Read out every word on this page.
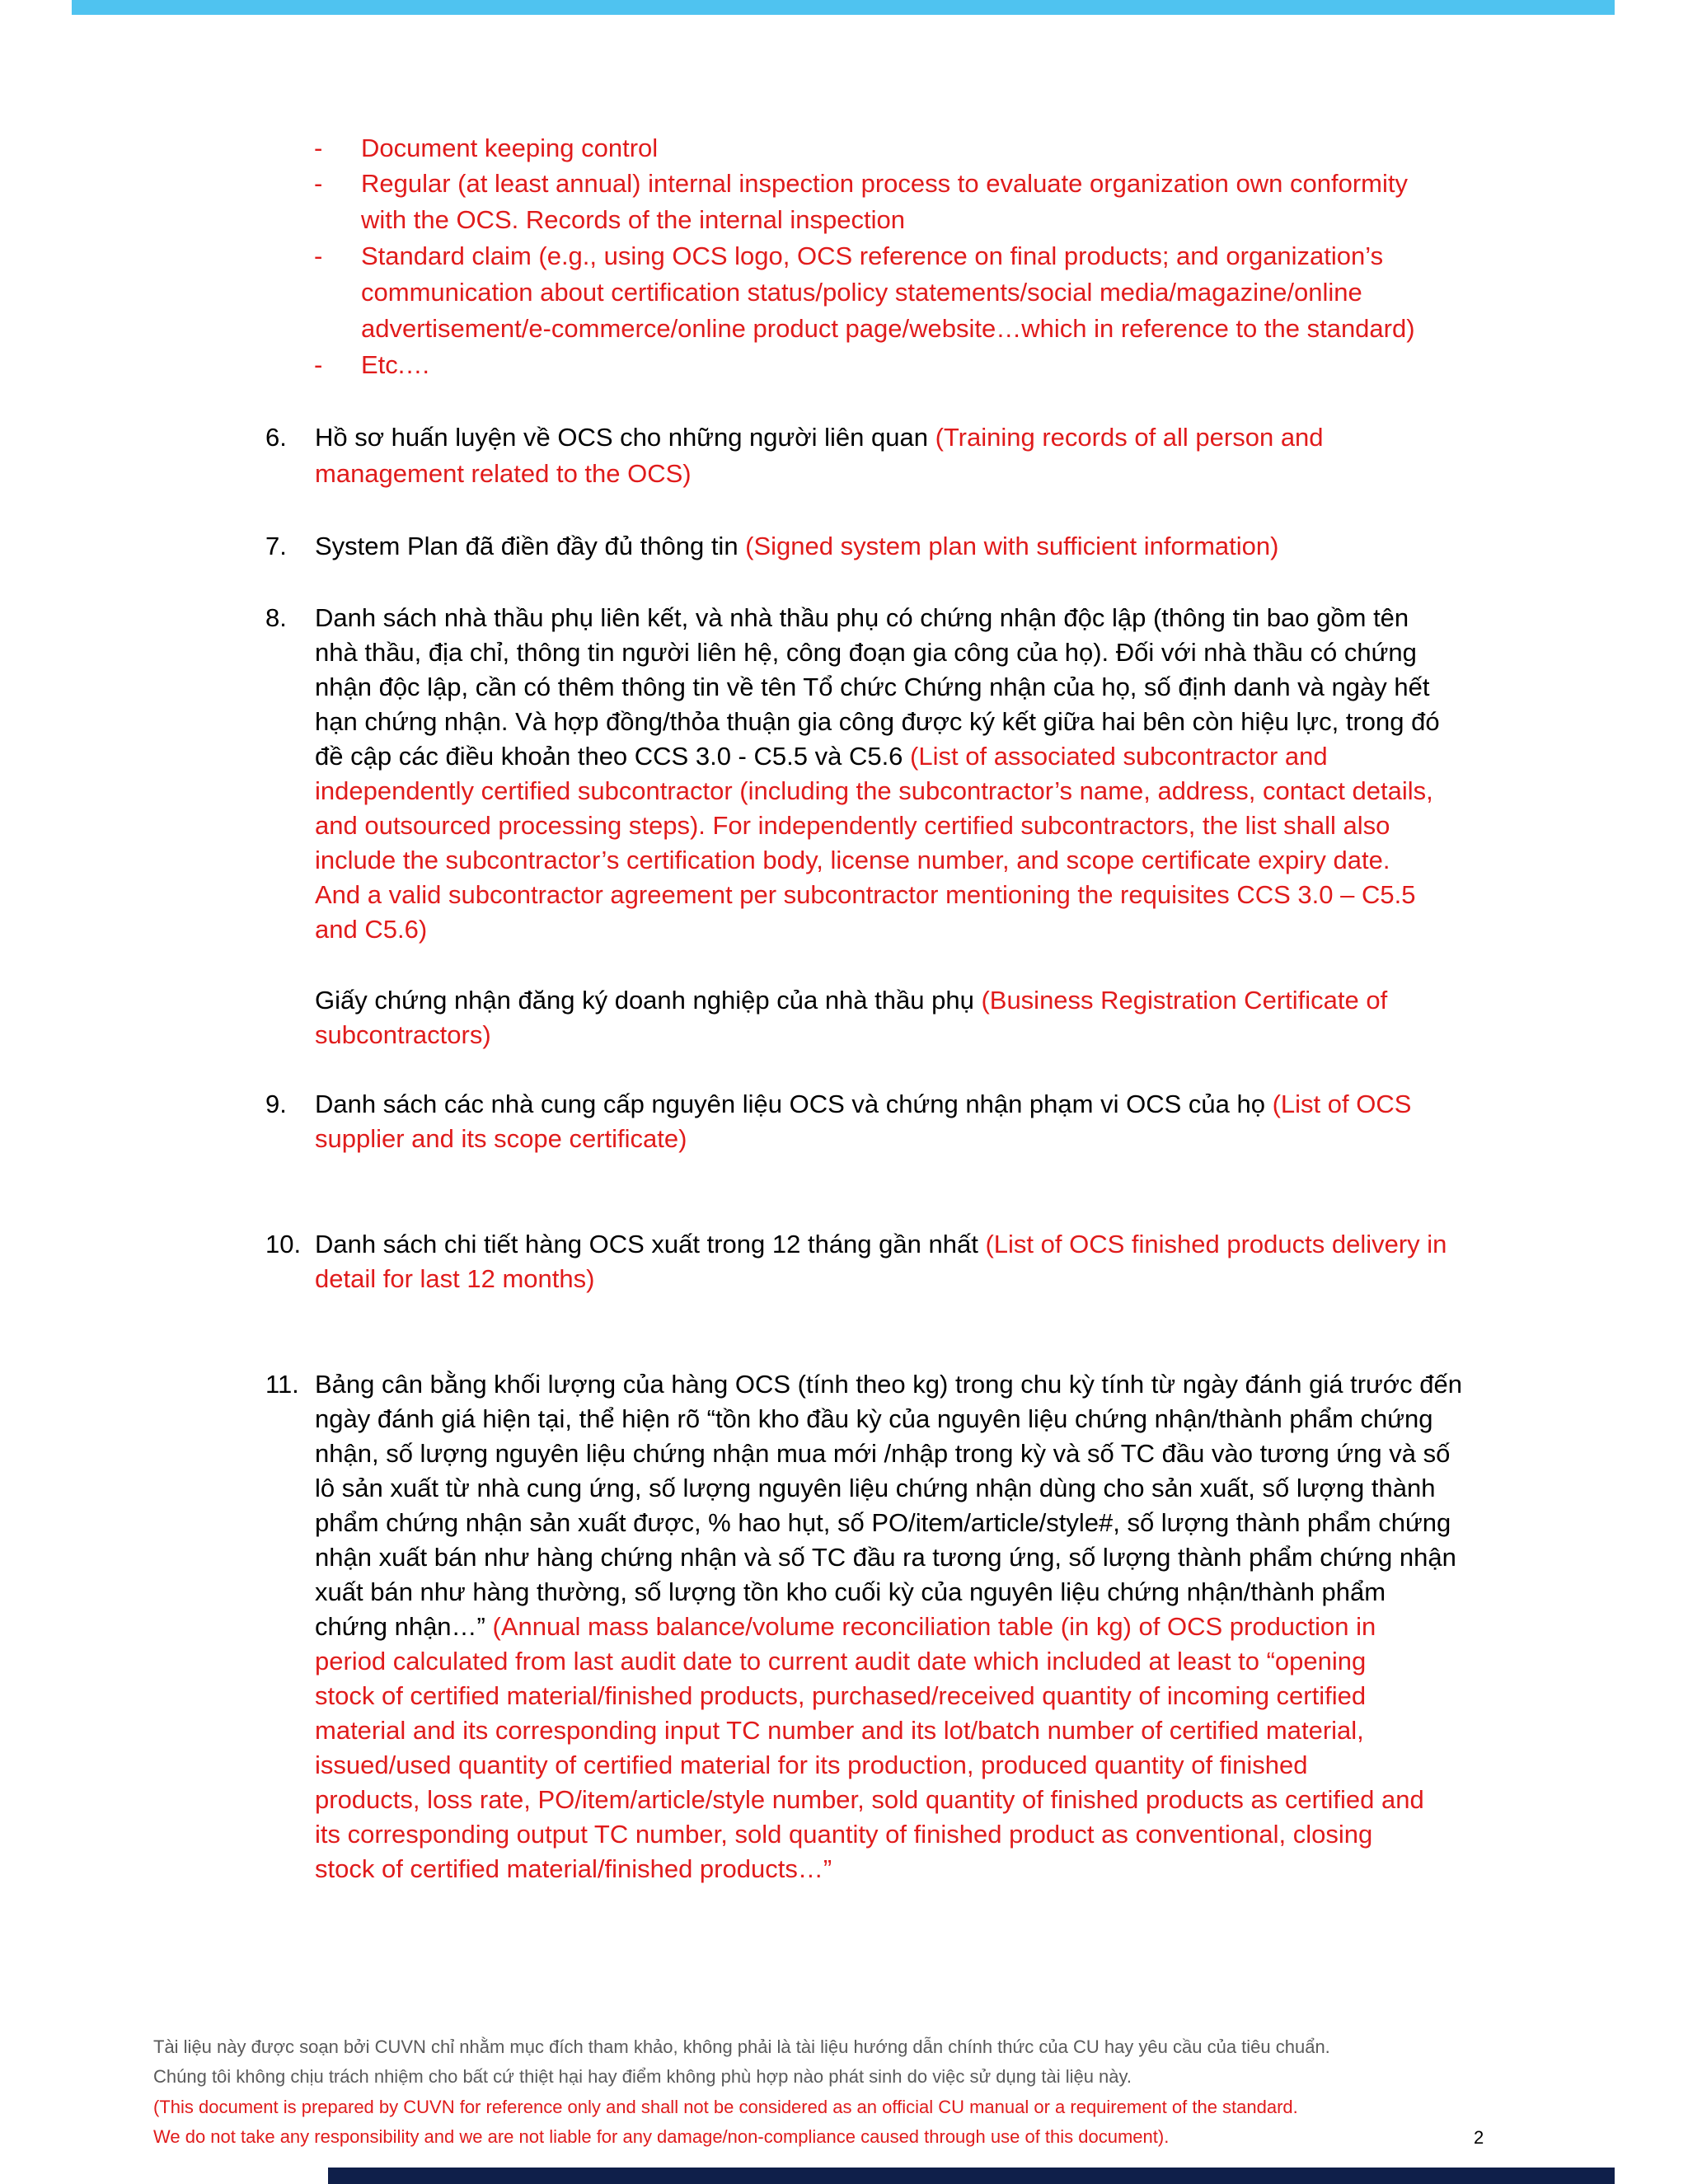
- Document keeping control
- Regular (at least annual) internal inspection process to evaluate organization own conformity
with the OCS. Records of the internal inspection
- Standard claim (e.g., using OCS logo, OCS reference on final products; and organization’s
communication about certification status/policy statements/social media/magazine/online
advertisement/e-commerce/online product page/website…which in reference to the standard)
- Etc.…
6. Hồ sơ huấn luyện về OCS cho những người liên quan (Training records of all person and
management related to the OCS)
7. System Plan đã điền đầy đủ thông tin (Signed system plan with sufficient information)
8. Danh sách nhà thầu phụ liên kết, và nhà thầu phụ có chứng nhận độc lập (thông tin bao gồm tên
nhà thầu, địa chỉ, thông tin người liên hệ, công đoạn gia công của họ). Đối với nhà thầu có chứng
nhận độc lập, cần có thêm thông tin về tên Tổ chức Chứng nhận của họ, số định danh và ngày hết
hạn chứng nhận. Và hợp đồng/thỏa thuận gia công được ký kết giữa hai bên còn hiệu lực, trong đó
đề cập các điều khoản theo CCS 3.0 - C5.5 và C5.6 (List of associated subcontractor and
independently certified subcontractor (including the subcontractor’s name, address, contact details,
and outsourced processing steps). For independently certified subcontractors, the list shall also
include the subcontractor’s certification body, license number, and scope certificate expiry date.
And a valid subcontractor agreement per subcontractor mentioning the requisites CCS 3.0 – C5.5
and C5.6)
Giấy chứng nhận đăng ký doanh nghiệp của nhà thầu phụ (Business Registration Certificate of
subcontractors)
9. Danh sách các nhà cung cấp nguyên liệu OCS và chứng nhận phạm vi OCS của họ (List of OCS
supplier and its scope certificate)
10. Danh sách chi tiết hàng OCS xuất trong 12 tháng gần nhất (List of OCS finished products delivery in
detail for last 12 months)
11. Bảng cân bằng khối lượng của hàng OCS (tính theo kg) trong chu kỳ tính từ ngày đánh giá trước đến
ngày đánh giá hiện tại, thể hiện rõ “tồn kho đầu kỳ của nguyên liệu chứng nhận/thành phẩm chứng
nhận, số lượng nguyên liệu chứng nhận mua mới /nhập trong kỳ và số TC đầu vào tương ứng và số
lô sản xuất từ nhà cung ứng, số lượng nguyên liệu chứng nhận dùng cho sản xuất, số lượng thành
phẩm chứng nhận sản xuất được, % hao hụt, số PO/item/article/style#, số lượng thành phẩm chứng
nhận xuất bán như hàng chứng nhận và số TC đầu ra tương ứng, số lượng thành phẩm chứng nhận
xuất bán như hàng thường, số lượng tồn kho cuối kỳ của nguyên liệu chứng nhận/thành phẩm
chứng nhận…” (Annual mass balance/volume reconciliation table (in kg) of OCS production in
period calculated from last audit date to current audit date which included at least to “opening
stock of certified material/finished products, purchased/received quantity of incoming certified
material and its corresponding input TC number and its lot/batch number of certified material,
issued/used quantity of certified material for its production, produced quantity of finished
products, loss rate, PO/item/article/style number, sold quantity of finished products as certified and
its corresponding output TC number, sold quantity of finished product as conventional, closing
stock of certified material/finished products…”
Tài liệu này được soạn bởi CUVN chỉ nhằm mục đích tham khảo, không phải là tài liệu hướng dẫn chính thức của CU hay yêu cầu của tiêu chuẩn.
Chúng tôi không chịu trách nhiệm cho bất cứ thiệt hại hay điểm không phù hợp nào phát sinh do việc sử dụng tài liệu này.
(This document is prepared by CUVN for reference only and shall not be considered as an official CU manual or a requirement of the standard.
We do not take any responsibility and we are not liable for any damage/non-compliance caused through use of this document).	2
